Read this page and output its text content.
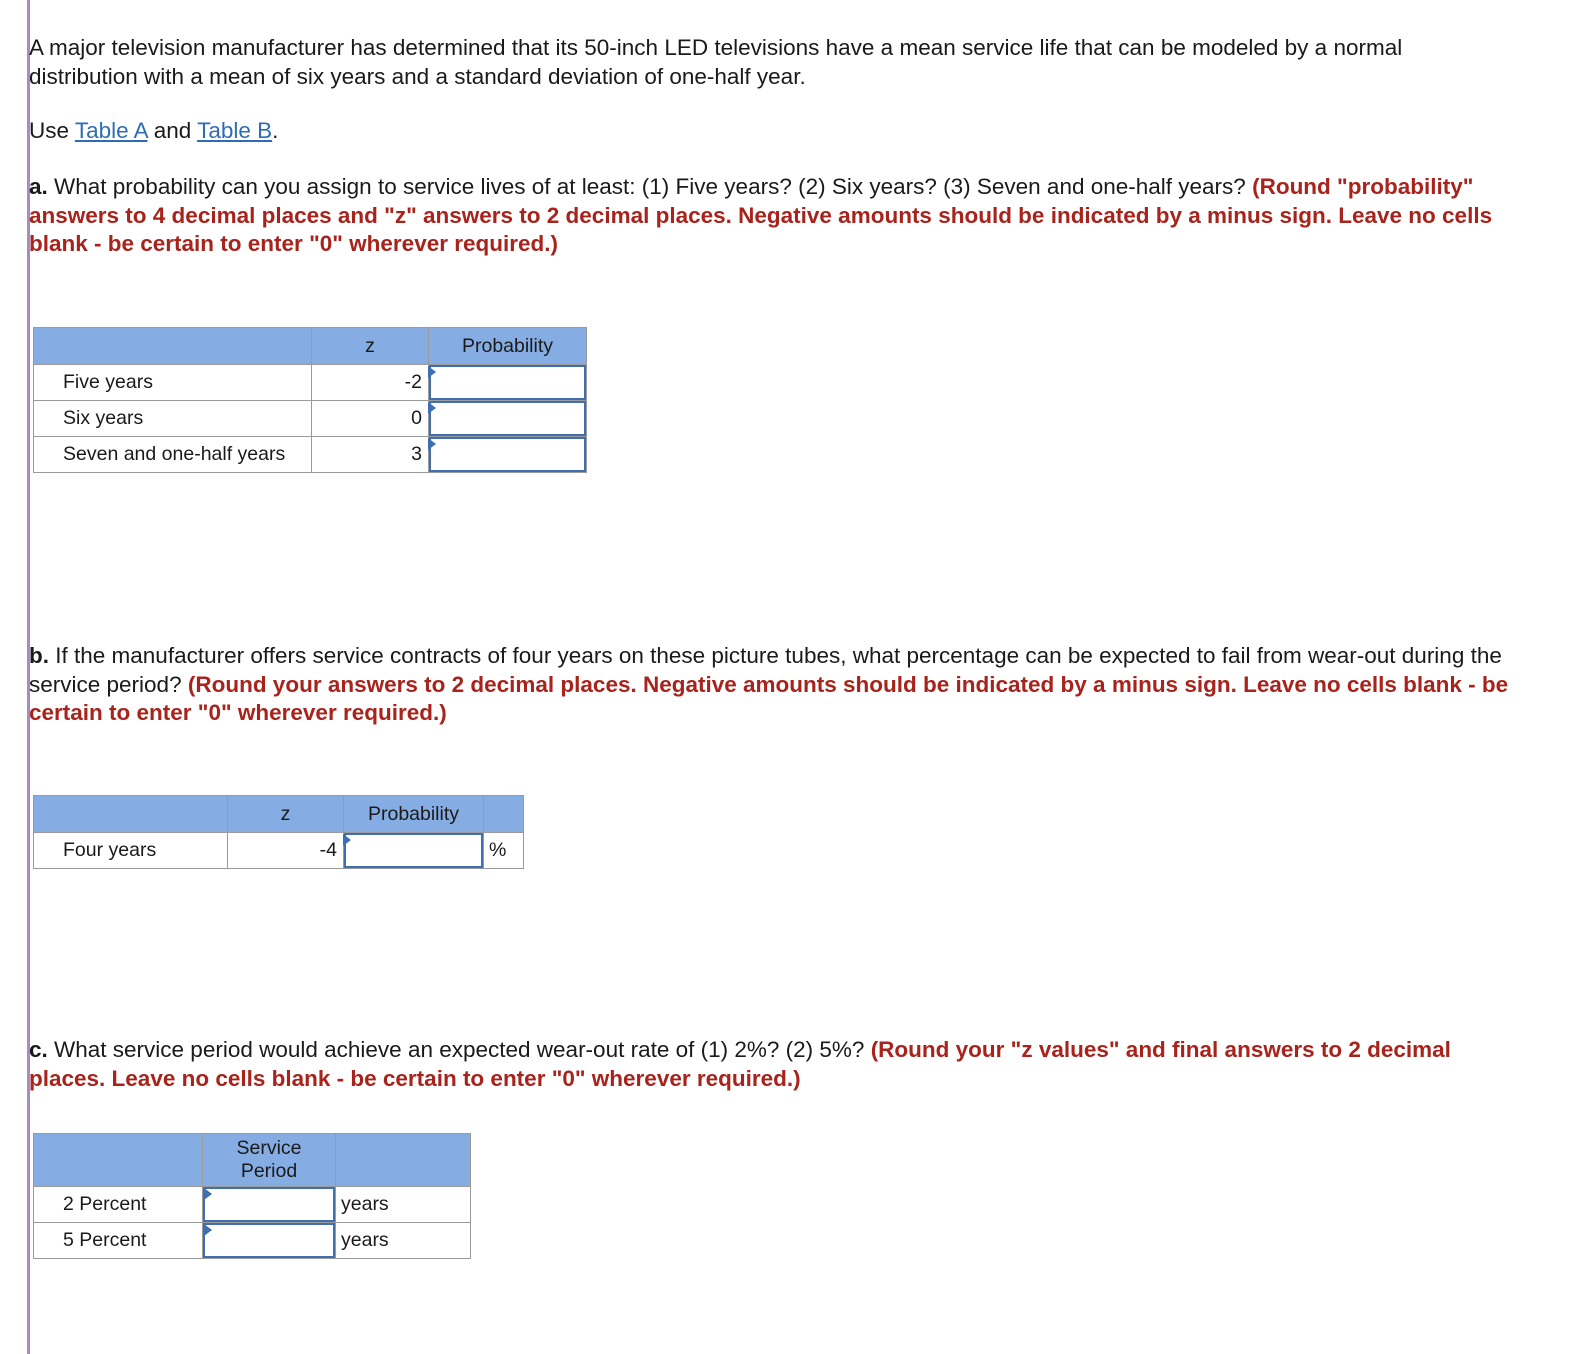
A major television manufacturer has determined that its 50-inch LED televisions have a mean service life that can be modeled by a normal distribution with a mean of six years and a standard deviation of one-half year.

Use Table A and Table B.

a. What probability can you assign to service lives of at least: (1) Five years? (2) Six years? (3) Seven and one-half years? (Round "probability" answers to 4 decimal places and "z" answers to 2 decimal places. Negative amounts should be indicated by a minus sign. Leave no cells blank - be certain to enter "0" wherever required.)

	z	Probability
Five years	-2

Six years	0

Seven and one-half years	3

b. If the manufacturer offers service contracts of four years on these picture tubes, what percentage can be expected to fail from wear-out during the service period? (Round your answers to 2 decimal places. Negative amounts should be indicated by a minus sign. Leave no cells blank - be certain to enter "0" wherever required.)

	z	Probability	
Four years	-4		%

c. What service period would achieve an expected wear-out rate of (1) 2%? (2) 5%? (Round your "z values" and final answers to 2 decimal places. Leave no cells blank - be certain to enter "0" wherever required.)

	Service Period	
2 Percent		years
5 Percent		years
